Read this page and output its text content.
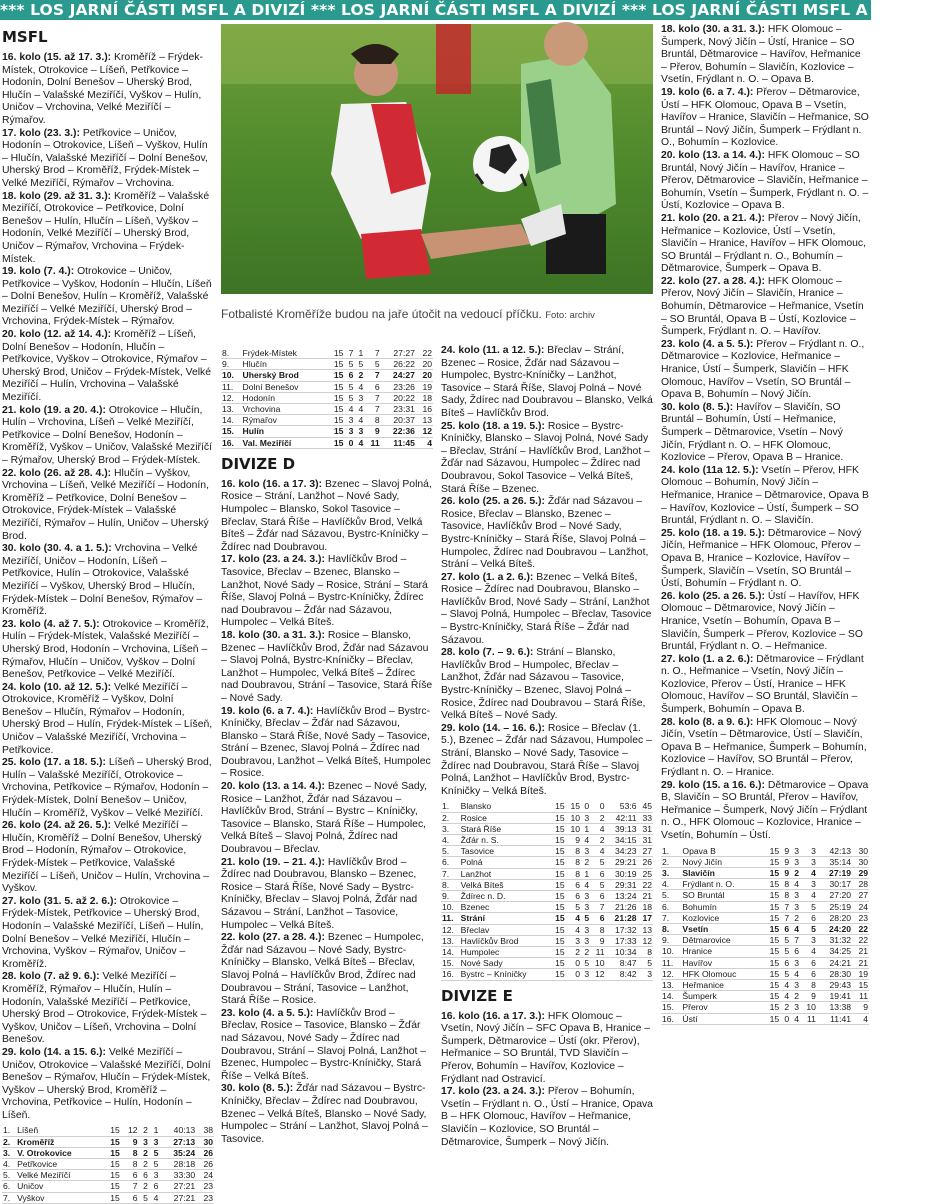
*** LOS JARNÍ ČÁSTI MSFL A DIVIZÍ *** LOS JARNÍ ČÁSTI MSFL A DIVIZÍ *** LOS JARNÍ ČÁSTI MSFL A DIVIZÍ
MSFL

16. kolo (15. až 17. 3.): Kroměříž – Frýdek-Místek, Otrokovice – Líšeň, Petřkovice – Hodonín, Dolní Benešov – Uherský Brod, Hlučín – Valašské Meziříčí, Vyškov – Hulín, Uničov – Vrchovina, Velké Meziříčí – Rýmařov.

17. kolo (23. 3.): Petřkovice – Uničov, Hodonín – Otrokovice, Líšeň – Vyškov, Hulín – Hlučín, Valašské Meziříčí – Dolní Benešov, Uherský Brod – Kroměříž, Frýdek-Místek – Velké Meziříčí, Rýmařov – Vrchovina.

18. kolo (29. až 31. 3.): Kroměříž – Valašské Meziříčí, Otrokovice – Petřkovice, Dolní Benešov – Hulín, Hlučín – Líšeň, Vyškov – Hodonín, Velké Meziříčí – Uherský Brod, Uničov – Rýmařov, Vrchovina – Frýdek-Místek.

19. kolo (7. 4.): Otrokovice – Uničov, Petřkovice – Vyškov, Hodonín – Hlučín, Líšeň – Dolní Benešov, Hulín – Kroměříž, Valašské Meziříčí – Velké Meziříčí, Uherský Brod – Vrchovina, Frýdek-Místek – Rýmařov.

20. kolo (12. až 14. 4.): Kroměříž – Líšeň, Dolní Benešov – Hodonín, Hlučín – Petřkovice, Vyškov – Otrokovice, Rýmařov – Uherský Brod, Uničov – Frýdek-Místek, Velké Meziříčí – Hulín, Vrchovina – Valašské Meziříčí.

21. kolo (19. a 20. 4.): Otrokovice – Hlučín, Hulín – Vrchovina, Líšeň – Velké Meziříčí, Petřkovice – Dolní Benešov, Hodonín – Kroměříž, Vyškov – Uničov, Valašské Meziříčí – Rýmařov, Uherský Brod – Frýdek-Místek.

22. kolo (26. až 28. 4.): Hlučín – Vyškov, Vrchovina – Líšeň, Velké Meziříčí – Hodonín, Kroměříž – Petřkovice, Dolní Benešov – Otrokovice, Frýdek-Místek – Valašské Meziříčí, Rýmařov – Hulín, Uničov – Uherský Brod.

30. kolo (30. 4. a 1. 5.): Vrchovina – Velké Meziříčí, Uničov – Hodonín, Líšeň – Petřkovice, Hulín – Otrokovice, Valašské Meziříčí – Vyškov, Uherský Brod – Hlučín, Frýdek-Místek – Dolní Benešov, Rýmařov – Kroměříž.

23. kolo (4. až 7. 5.): Otrokovice – Kroměříž, Hulín – Frýdek-Místek, Valašské Meziříčí – Uherský Brod, Hodonín – Vrchovina, Líšeň – Rýmařov, Hlučín – Uničov, Vyškov – Dolní Benešov, Petřkovice – Velké Meziříčí.

24. kolo (10. až 12. 5.): Velké Meziříčí – Otrokovice, Kroměříž – Vyškov, Dolní Benešov – Hlučín, Rýmařov – Hodonín, Uherský Brod – Hulín, Frýdek-Místek – Líšeň, Uničov – Valašské Meziříčí, Vrchovina – Petřkovice.

25. kolo (17. a 18. 5.): Líšeň – Uherský Brod, Hulín – Valašské Meziříčí, Otrokovice – Vrchovina, Petřkovice – Rýmařov, Hodonín – Frýdek-Místek, Dolní Benešov – Uničov, Hlučín – Kroměříž, Vyškov – Velké Meziříčí.

26. kolo (24. až 26. 5.): Velké Meziříčí – Hlučín, Kroměříž – Dolní Benešov, Uherský Brod – Hodonín, Rýmařov – Otrokovice, Frýdek-Místek – Petřkovice, Valašské Meziříčí – Líšeň, Uničov – Hulín, Vrchovina – Vyškov.

27. kolo (31. 5. až 2. 6.): Otrokovice – Frýdek-Místek, Petřkovice – Uherský Brod, Hodonín – Valašské Meziříčí, Líšeň – Hulín, Dolní Benešov – Velké Meziříčí, Hlučín – Vrchovina, Vyškov – Rýmařov, Uničov – Kroměříž.

28. kolo (7. až 9. 6.): Velké Meziříčí – Kroměříž, Rýmařov – Hlučín, Hulín – Hodonín, Valašské Meziříčí – Petřkovice, Uherský Brod – Otrokovice, Frýdek-Místek – Vyškov, Uničov – Líšeň, Vrchovina – Dolní Benešov.

29. kolo (14. a 15. 6.): Velké Meziříčí – Uničov, Otrokovice – Valašské Meziříčí, Dolní Benešov – Rýmařov, Hlučín – Frýdek-Místek, Vyškov – Uherský Brod, Kroměříž – Vrchovina, Petřkovice – Hulín, Hodonín – Líšeň.

1.	Líšeň	15	12	2	1	40:13	38
2.	Kroměříž	15	9	3	3	27:13	30
3.	V. Otrokovice	15	8	2	5	35:24	26
4.	Petřkovice	15	8	2	5	28:18	26
5.	Velké Meziříčí	15	6	6	3	33:30	24
6.	Uničov	15	7	2	6	27:21	23
7.	Vyškov	15	6	5	4	27:21	23
Fotbalisté Kroměříže budou na jaře útočit na vedoucí příčku. Foto: archiv
8.	Frýdek-Místek	15	7	1	7	27:27	22
9.	Hlučín	15	5	5	5	26:22	20
10.	Uherský Brod	15	6	2	7	24:27	20
11.	Dolní Benešov	15	5	4	6	23:26	19
12.	Hodonín	15	5	3	7	20:22	18
13.	Vrchovina	15	4	4	7	23:31	16
14.	Rýmařov	15	3	4	8	20:37	13
15.	Hulín	15	3	3	9	22:36	12
16.	Val. Meziříčí	15	0	4	11	11:45	4
DIVIZE D

16. kolo (16. a 17. 3): Bzenec – Slavoj Polná, Rosice – Strání, Lanžhot – Nové Sady, Humpolec – Blansko, Sokol Tasovice – Břeclav, Stará Říše – Havlíčkův Brod, Velká Bíteš – Žďár nad Sázavou, Bystrc-Kníničky – Ždírec nad Doubravou.

17. kolo (23. a 24. 3.): Havlíčkův Brod – Tasovice, Břeclav – Bzenec, Blansko – Lanžhot, Nové Sady – Rosice, Strání – Stará Říše, Slavoj Polná – Bystrc-Kníničky, Ždírec nad Doubravou – Žďár nad Sázavou, Humpolec – Velká Bíteš.

18. kolo (30. a 31. 3.): Rosice – Blansko, Bzenec – Havlíčkův Brod, Žďár nad Sázavou – Slavoj Polná, Bystrc-Kníničky – Břeclav, Lanžhot – Humpolec, Velká Bíteš – Ždírec nad Doubravou, Strání – Tasovice, Stará Říše – Nové Sady.

19. kolo (6. a 7. 4.): Havlíčkův Brod – Bystrc-Kníničky, Břeclav – Žďár nad Sázavou, Blansko – Stará Říše, Nové Sady – Tasovice, Strání – Bzenec, Slavoj Polná – Ždírec nad Doubravou, Lanžhot – Velká Bíteš, Humpolec – Rosice.

20. kolo (13. a 14. 4.): Bzenec – Nové Sady, Rosice – Lanžhot, Žďár nad Sázavou – Havlíčkův Brod, Strání – Bystrc – Kníničky, Tasovice – Blansko, Stará Říše – Humpolec, Velká Bíteš – Slavoj Polná, Ždírec nad Doubravou – Břeclav.

21. kolo (19. – 21. 4.): Havlíčkův Brod – Ždírec nad Doubravou, Blansko – Bzenec, Rosice – Stará Říše, Nové Sady – Bystrc-Kníničky, Břeclav – Slavoj Polná, Žďár nad Sázavou – Strání, Lanžhot – Tasovice, Humpolec – Velká Bíteš.

22. kolo (27. a 28. 4.): Bzenec – Humpolec, Žďár nad Sázavou – Nové Sady, Bystrc-Kníničky – Blansko, Velká Bíteš – Břeclav, Slavoj Polná – Havlíčkův Brod, Ždírec nad Doubravou – Strání, Tasovice – Lanžhot, Stará Říše – Rosice.

23. kolo (4. a 5. 5.): Havlíčkův Brod – Břeclav, Rosice – Tasovice, Blansko – Žďár nad Sázavou, Nové Sady – Ždírec nad Doubravou, Strání – Slavoj Polná, Lanžhot – Bzenec, Humpolec – Bystrc-Kníničky, Stará Říše – Velká Bíteš.

30. kolo (8. 5.): Žďár nad Sázavou – Bystrc-Kníničky, Břeclav – Ždírec nad Doubravou, Bzenec – Velká Bíteš, Blansko – Nové Sady, Humpolec – Strání – Lanžhot, Slavoj Polná – Tasovice.

24. kolo (11. a 12. 5.): Břeclav – Strání, Bzenec – Rosice, Žďár nad Sázavou – Humpolec, Bystrc-Kníničky – Lanžhot, Tasovice – Stará Říše, Slavoj Polná – Nové Sady, Ždírec nad Doubravou – Blansko, Velká Bíteš – Havlíčkův Brod.

25. kolo (18. a 19. 5.): Rosice – Bystrc-Kníničky, Blansko – Slavoj Polná, Nové Sady – Břeclav, Strání – Havlíčkův Brod, Lanžhot – Žďár nad Sázavou, Humpolec – Ždírec nad Doubravou, Sokol Tasovice – Velká Bíteš, Stará Říše – Bzenec.

26. kolo (25. a 26. 5.): Žďár nad Sázavou – Rosice, Břeclav – Blansko, Bzenec – Tasovice, Havlíčkův Brod – Nové Sady, Bystrc-Kníničky – Stará Říše, Slavoj Polná – Humpolec, Ždírec nad Doubravou – Lanžhot, Strání – Velká Bíteš.

27. kolo (1. a 2. 6.): Bzenec – Velká Bíteš, Rosice – Ždírec nad Doubravou, Blansko – Havlíčkův Brod, Nové Sady – Strání, Lanžhot – Slavoj Polná, Humpolec – Břeclav, Tasovice – Bystrc-Kníničky, Stará Říše – Žďár nad Sázavou.

28. kolo (7. – 9. 6.): Strání – Blansko, Havlíčkův Brod – Humpolec, Břeclav – Lanžhot, Žďár nad Sázavou – Tasovice, Bystrc-Kníničky – Bzenec, Slavoj Polná – Rosice, Ždírec nad Doubravou – Stará Říše, Velká Bíteš – Nové Sady.

29. kolo (14. – 16. 6.): Rosice – Břeclav (1. 5.), Bzenec – Žďár nad Sázavou, Humpolec – Strání, Blansko – Nové Sady, Tasovice – Ždírec nad Doubravou, Stará Říše – Slavoj Polná, Lanžhot – Havlíčkův Brod, Bystrc-Kníničky – Velká Bíteš.

1.	Blansko	15	15	0	0	53:6	45
2.	Rosice	15	10	3	2	42:11	33
3.	Stará Říše	15	10	1	4	39:13	31
4.	Žďár n. S.	15	9	4	2	34:15	31
5.	Tasovice	15	8	3	4	34:23	27
6.	Polná	15	8	2	5	29:21	26
7.	Lanžhot	15	8	1	6	30:19	25
8.	Velká Bíteš	15	6	4	5	29:31	22
9.	Ždírec n. D.	15	6	3	6	13:24	21
10.	Bzenec	15	5	3	7	21:26	18
11.	Strání	15	4	5	6	21:28	17
12.	Břeclav	15	4	3	8	17:32	13
13.	Havlíčkův Brod	15	3	3	9	17:33	12
14.	Humpolec	15	2	2	11	10:34	8
15.	Nové Sady	15	0	5	10	8:47	5
16.	Bystrc – Kníničky	15	0	3	12	8:42	3
DIVIZE E

16. kolo (16. a 17. 3.): HFK Olomouc – Vsetín, Nový Jičín – SFC Opava B, Hranice – Šumperk, Dětmarovice – Ústí (okr. Přerov), Heřmanice – SO Bruntál, TVD Slavičín – Přerov, Bohumín – Havířov, Kozlovice – Frýdlant nad Ostravicí.

17. kolo (23. a 24. 3.): Přerov – Bohumín, Vsetín – Frýdlant n. O., Ústí – Hranice, Opava B – HFK Olomouc, Havířov – Heřmanice, Slavičín – Kozlovice, SO Bruntál – Dětmarovice, Šumperk – Nový Jičín.

18. kolo (30. a 31. 3.): HFK Olomouc – Šumperk, Nový Jičín – Ústí, Hranice – SO Bruntál, Dětmarovice – Havířov, Heřmanice – Přerov, Bohumín – Slavičín, Kozlovice – Vsetín, Frýdlant n. O. – Opava B.

19. kolo (6. a 7. 4.): Přerov – Dětmarovice, Ústí – HFK Olomouc, Opava B – Vsetín, Havířov – Hranice, Slavičín – Heřmanice, SO Bruntál – Nový Jičín, Šumperk – Frýdlant n. O., Bohumín – Kozlovice.

20. kolo (13. a 14. 4.): HFK Olomouc – SO Bruntál, Nový Jičín – Havířov, Hranice – Přerov, Dětmarovice – Slavičín, Heřmanice – Bohumín, Vsetín – Šumperk, Frýdlant n. O. – Ústí, Kozlovice – Opava B.

21. kolo (20. a 21. 4.): Přerov – Nový Jičín, Heřmanice – Kozlovice, Ústí – Vsetín, Slavičín – Hranice, Havířov – HFK Olomouc, SO Bruntál – Frýdlant n. O., Bohumín – Dětmarovice, Šumperk – Opava B.

22. kolo (27. a 28. 4.): HFK Olomouc – Přerov, Nový Jičín – Slavičín, Hranice – Bohumín, Dětmarovice – Heřmanice, Vsetín – SO Bruntál, Opava B – Ústí, Kozlovice – Šumperk, Frýdlant n. O. – Havířov.

23. kolo (4. a 5. 5.): Přerov – Frýdlant n. O., Dětmarovice – Kozlovice, Heřmanice – Hranice, Ústí – Šumperk, Slavičín – HFK Olomouc, Havířov – Vsetín, SO Bruntál – Opava B, Bohumín – Nový Jičín.

30. kolo (8. 5.): Havířov – Slavičín, SO Bruntál – Bohumín, Ústí – Heřmanice, Šumperk – Dětmarovice, Vsetín – Nový Jičín, Frýdlant n. O. – HFK Olomouc, Kozlovice – Přerov, Opava B – Hranice.

24. kolo (11a 12. 5.): Vsetín – Přerov, HFK Olomouc – Bohumín, Nový Jičín – Heřmanice, Hranice – Dětmarovice, Opava B – Havířov, Kozlovice – Ústí, Šumperk – SO Bruntál, Frýdlant n. O. – Slavičín.

25. kolo (18. a 19. 5.): Dětmarovice – Nový Jičín, Heřmanice – HFK Olomouc, Přerov – Opava B, Hranice – Kozlovice, Havířov – Šumperk, Slavičín – Vsetín, SO Bruntál – Ústí, Bohumín – Frýdlant n. O.

26. kolo (25. a 26. 5.): Ústí – Havířov, HFK Olomouc – Dětmarovice, Nový Jičín – Hranice, Vsetín – Bohumín, Opava B – Slavičín, Šumperk – Přerov, Kozlovice – SO Bruntál, Frýdlant n. O. – Heřmanice.

27. kolo (1. a 2. 6.): Dětmarovice – Frýdlant n. O., Heřmanice – Vsetín, Nový Jičín – Kozlovice, Přerov – Ústí, Hranice – HFK Olomouc, Havířov – SO Bruntál, Slavičín – Šumperk, Bohumín – Opava B.

28. kolo (8. a 9. 6.): HFK Olomouc – Nový Jičín, Vsetín – Dětmarovice, Ústí – Slavičín, Opava B – Heřmanice, Šumperk – Bohumín, Kozlovice – Havířov, SO Bruntál – Přerov, Frýdlant n. O. – Hranice.

29. kolo (15. a 16. 6.): Dětmarovice – Opava B, Slavičín – SO Bruntál, Přerov – Havířov, Heřmanice – Šumperk, Nový Jičín – Frýdlant n. O., HFK Olomouc – Kozlovice, Hranice – Vsetín, Bohumín – Ústí.

1.	Opava B	15	9	3	3	42:13	30
2.	Nový Jičín	15	9	3	3	35:14	30
3.	Slavičín	15	9	2	4	27:19	29
4.	Frýdlant n. O.	15	8	4	3	30:17	28
5.	SO Bruntál	15	8	3	4	27:20	27
6.	Bohumín	15	7	3	5	25:19	24
7.	Kozlovice	15	7	2	6	28:20	23
8.	Vsetín	15	6	4	5	24:20	22
9.	Dětmarovice	15	5	7	3	31:32	22
10.	Hranice	15	5	6	4	34:25	21
11.	Havířov	15	6	3	6	24:21	21
12.	HFK Olomouc	15	5	4	6	28:30	19
13.	Heřmanice	15	4	3	8	29:43	15
14.	Šumperk	15	4	2	9	19:41	11
15.	Přerov	15	2	3	10	13:38	9
16.	Ústí	15	0	4	11	11:41	4
